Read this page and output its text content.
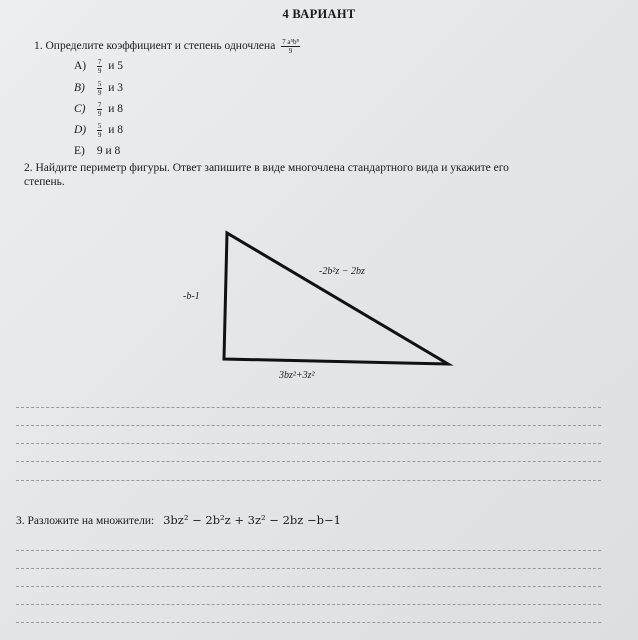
4 ВАРИАНТ
1. Определите коэффициент и степень одночлена $\frac{\text{7 a⁵b⁸}}{9}$
$A) \frac{7}{9}$ и 5
$B) \frac{5}{9}$ и 3
$C) \frac{7}{9}$ и 8
$D) \frac{5}{9}$ и 8
E) 9 и 8
2. Найдите периметр фигуры. Ответ запишите в виде многочлена стандартного вида и укажите его
степень.
-b-1
-2b²z − 2bz
3bz²+3z²
3. Разложите на множители: 3bz² − 2b²z + 3z² − 2bz −b−1
